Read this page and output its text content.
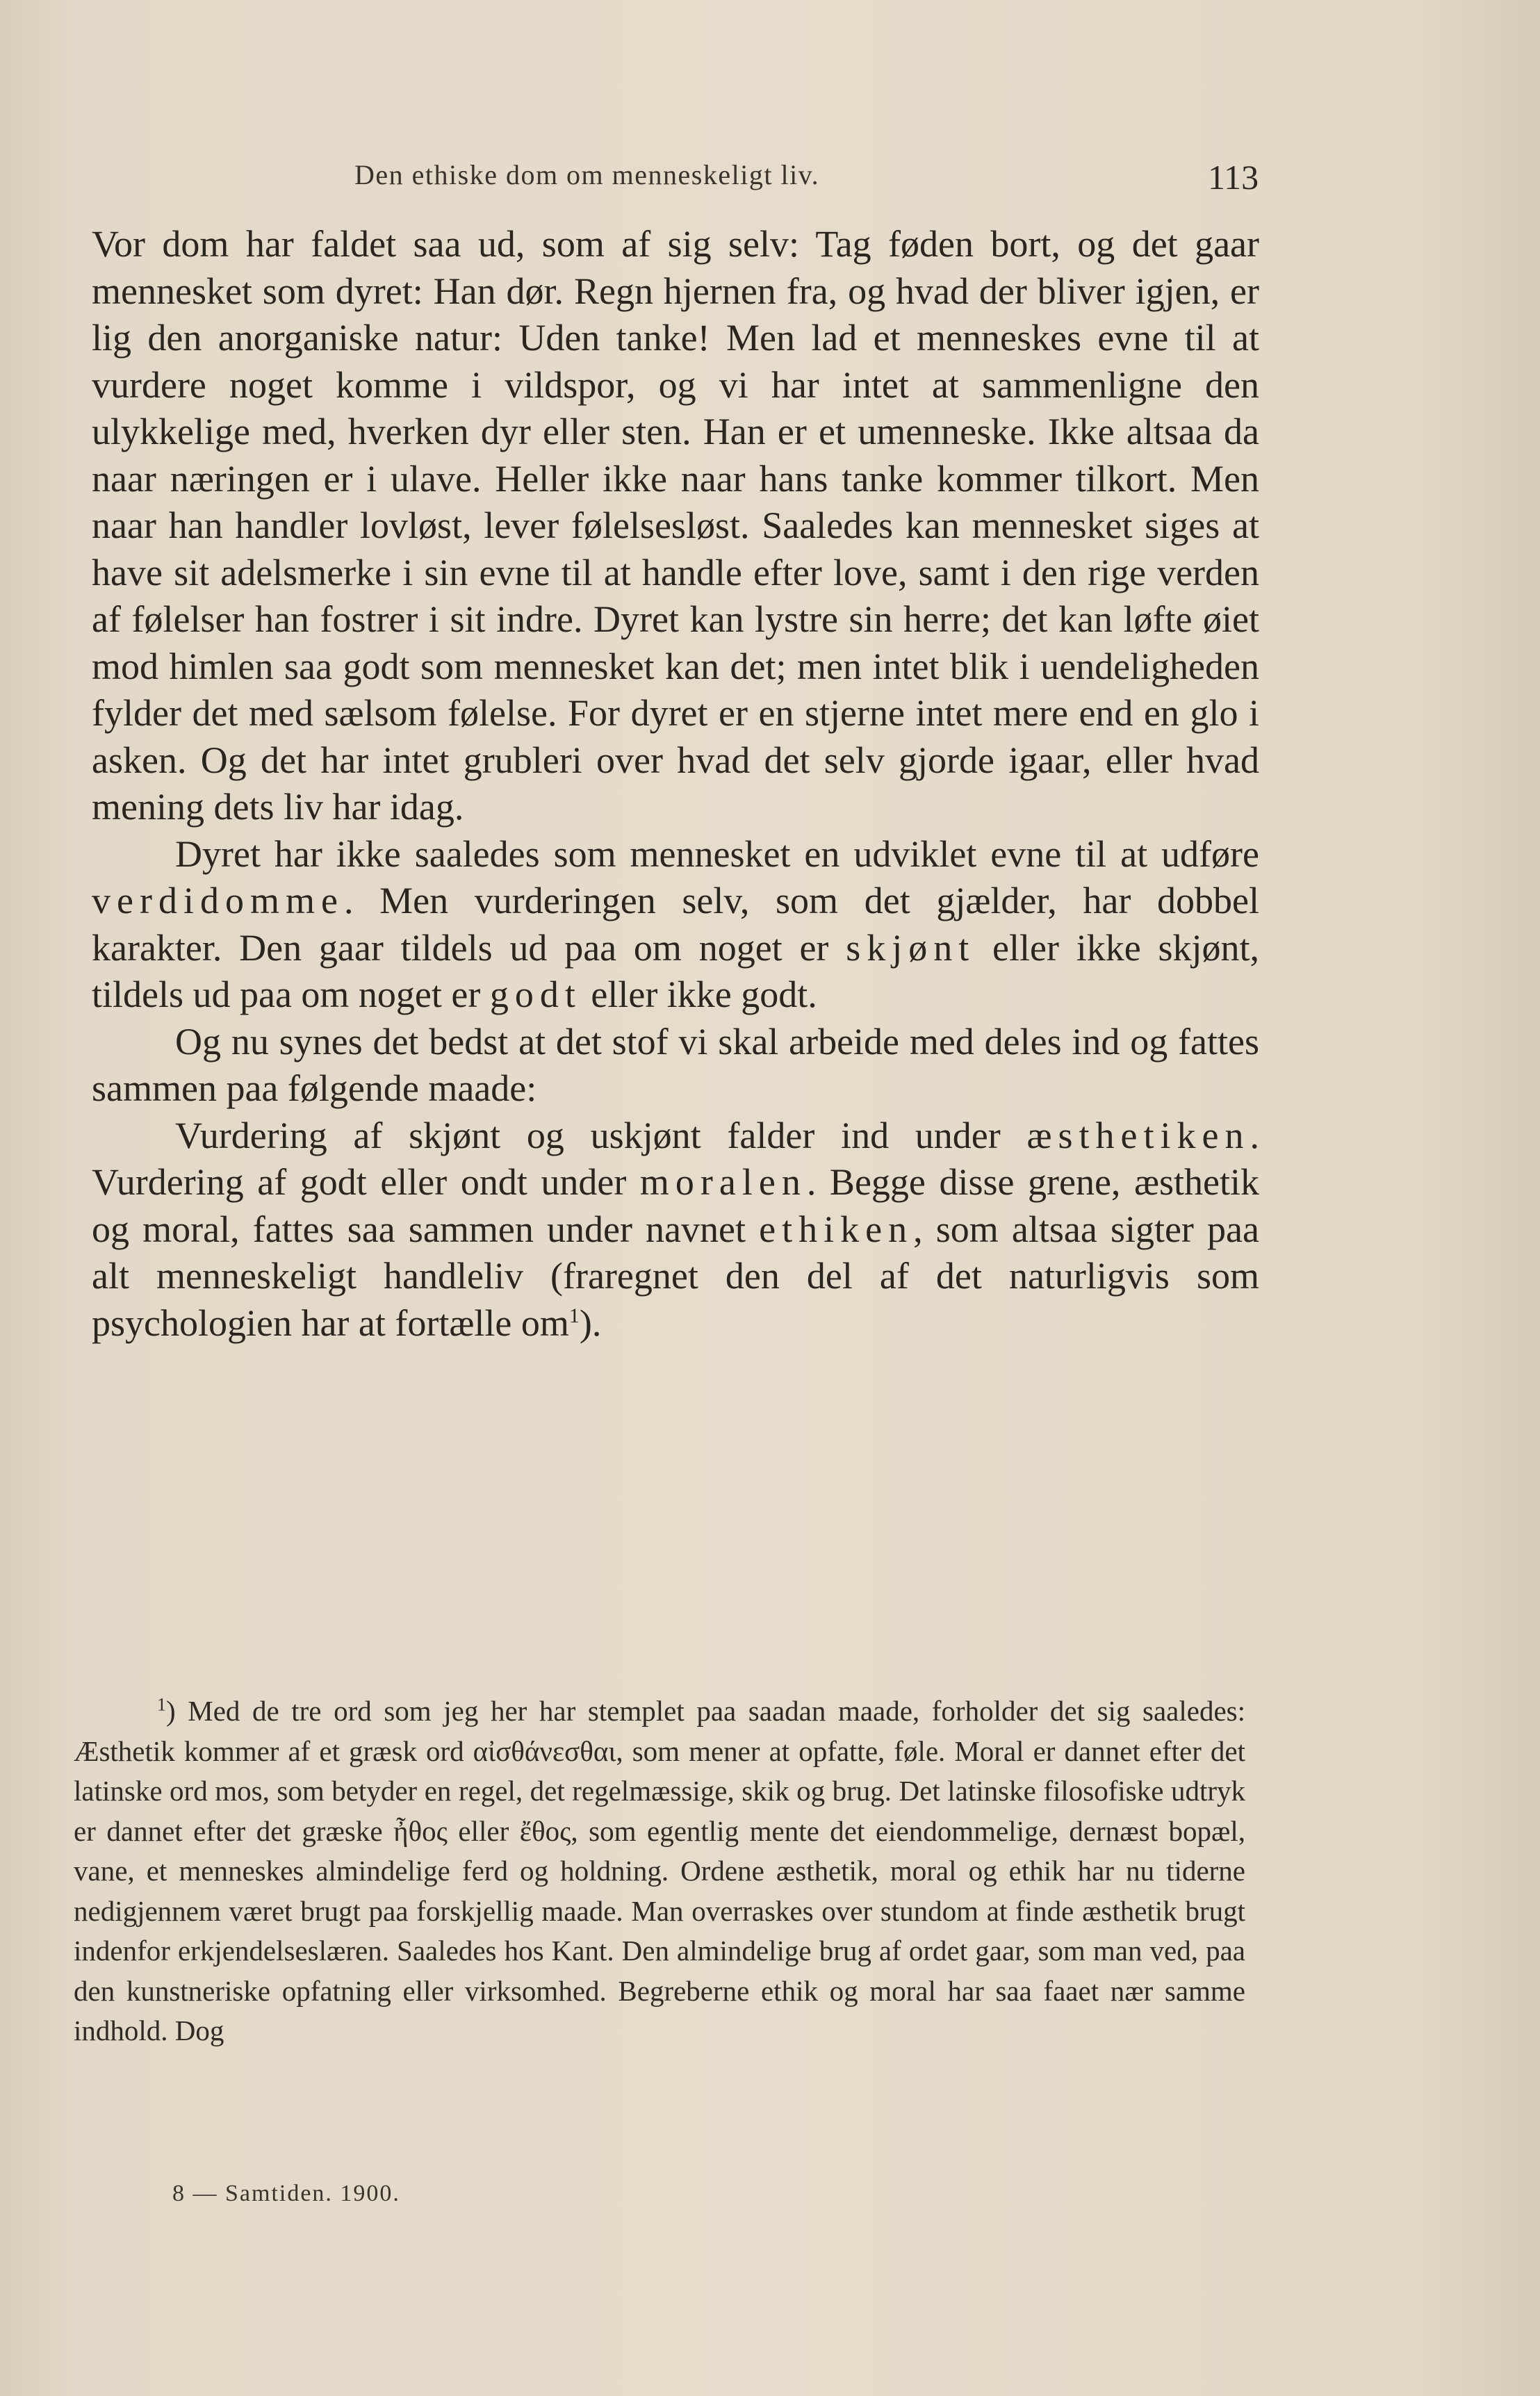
Den ethiske dom om menneskeligt liv.	113

Vor dom har faldet saa ud, som af sig selv: Tag føden bort, og det gaar mennesket som dyret: Han dør. Regn hjernen fra, og hvad der bliver igjen, er lig den anorganiske natur: Uden tanke! Men lad et menneskes evne til at vurdere noget komme i vildspor, og vi har intet at sammenligne den ulykkelige med, hverken dyr eller sten. Han er et umenneske. Ikke altsaa da naar næringen er i ulave. Heller ikke naar hans tanke kommer tilkort. Men naar han handler lovløst, lever følelsesløst. Saaledes kan mennesket siges at have sit adelsmerke i sin evne til at handle efter love, samt i den rige verden af følelser han fostrer i sit indre. Dyret kan lystre sin herre; det kan løfte øiet mod himlen saa godt som mennesket kan det; men intet blik i uendeligheden fylder det med sælsom følelse. For dyret er en stjerne intet mere end en glo i asken. Og det har intet grubleri over hvad det selv gjorde igaar, eller hvad mening dets liv har idag.

Dyret har ikke saaledes som mennesket en udviklet evne til at udføre verdidomme. Men vurderingen selv, som det gjælder, har dobbel karakter. Den gaar tildels ud paa om noget er skjønt eller ikke skjønt, tildels ud paa om noget er godt eller ikke godt.

Og nu synes det bedst at det stof vi skal arbeide med deles ind og fattes sammen paa følgende maade:

Vurdering af skjønt og uskjønt falder ind under æsthetiken. Vurdering af godt eller ondt under moralen. Begge disse grene, æsthetik og moral, fattes saa sammen under navnet ethiken, som altsaa sigter paa alt menneskeligt handleliv (fraregnet den del af det naturligvis som psychologien har at fortælle om$^1$).

$^1$) Med de tre ord som jeg her har stemplet paa saadan maade, forholder det sig saaledes: Æsthetik kommer af et græsk ord αἰσθάνεσθαι, som mener at opfatte, føle. Moral er dannet efter det latinske ord mos, som betyder en regel, det regelmæssige, skik og brug. Det latinske filosofiske udtryk er dannet efter det græske ἦθος eller ἔθος, som egentlig mente det eiendommelige, dernæst bopæl, vane, et menneskes almindelige ferd og holdning. Ordene æsthetik, moral og ethik har nu tiderne nedigjennem været brugt paa forskjellig maade. Man overraskes over stundom at finde æsthetik brugt indenfor erkjendelseslæren. Saaledes hos Kant. Den almindelige brug af ordet gaar, som man ved, paa den kunstneriske opfatning eller virksomhed. Begreberne ethik og moral har saa faaet nær samme indhold. Dog

8 — Samtiden. 1900.
